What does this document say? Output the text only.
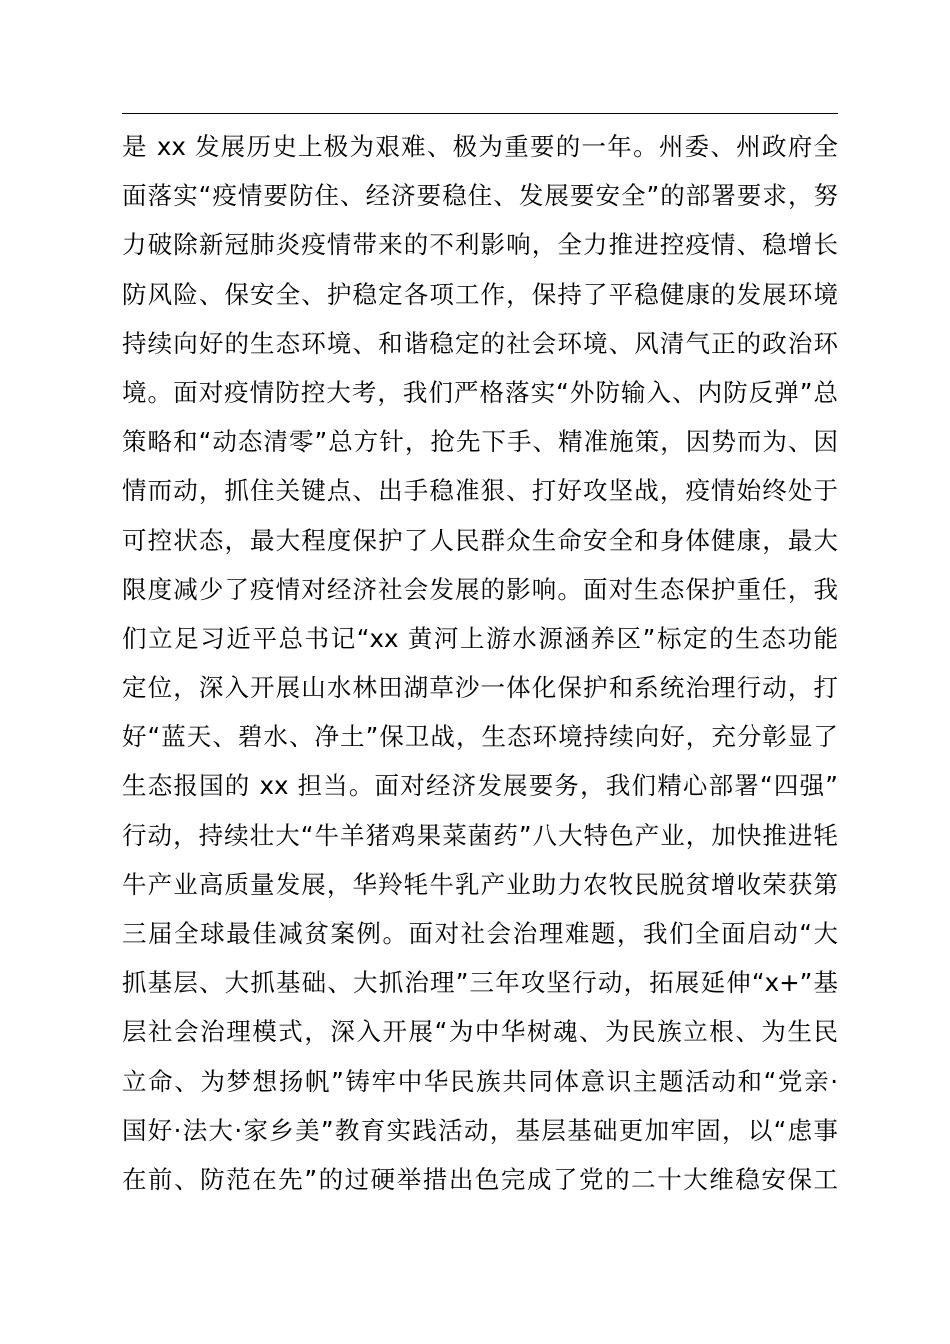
是 xx 发展历史上极为艰难、极为重要的一年。州委、州政府全
面落实“疫情要防住、经济要稳住、发展要安全”的部署要求，努
力破除新冠肺炎疫情带来的不利影响，全力推进控疫情、稳增长
防风险、保安全、护稳定各项工作，保持了平稳健康的发展环境
持续向好的生态环境、和谐稳定的社会环境、风清气正的政治环
境。面对疫情防控大考，我们严格落实“外防输入、内防反弹”总
策略和“动态清零”总方针，抢先下手、精准施策，因势而为、因
情而动，抓住关键点、出手稳准狠、打好攻坚战，疫情始终处于
可控状态，最大程度保护了人民群众生命安全和身体健康，最大
限度减少了疫情对经济社会发展的影响。面对生态保护重任，我
们立足习近平总书记“xx 黄河上游水源涵养区”标定的生态功能
定位，深入开展山水林田湖草沙一体化保护和系统治理行动，打
好“蓝天、碧水、净土”保卫战，生态环境持续向好，充分彰显了
生态报国的 xx 担当。面对经济发展要务，我们精心部署“四强”
行动，持续壮大“牛羊猪鸡果菜菌药”八大特色产业，加快推进牦
牛产业高质量发展，华羚牦牛乳产业助力农牧民脱贫增收荣获第
三届全球最佳减贫案例。面对社会治理难题，我们全面启动“大
抓基层、大抓基础、大抓治理”三年攻坚行动，拓展延伸“x+”基
层社会治理模式，深入开展“为中华树魂、为民族立根、为生民
立命、为梦想扬帆”铸牢中华民族共同体意识主题活动和“党亲·
国好·法大·家乡美”教育实践活动，基层基础更加牢固，以“虑事
在前、防范在先”的过硬举措出色完成了党的二十大维稳安保工
